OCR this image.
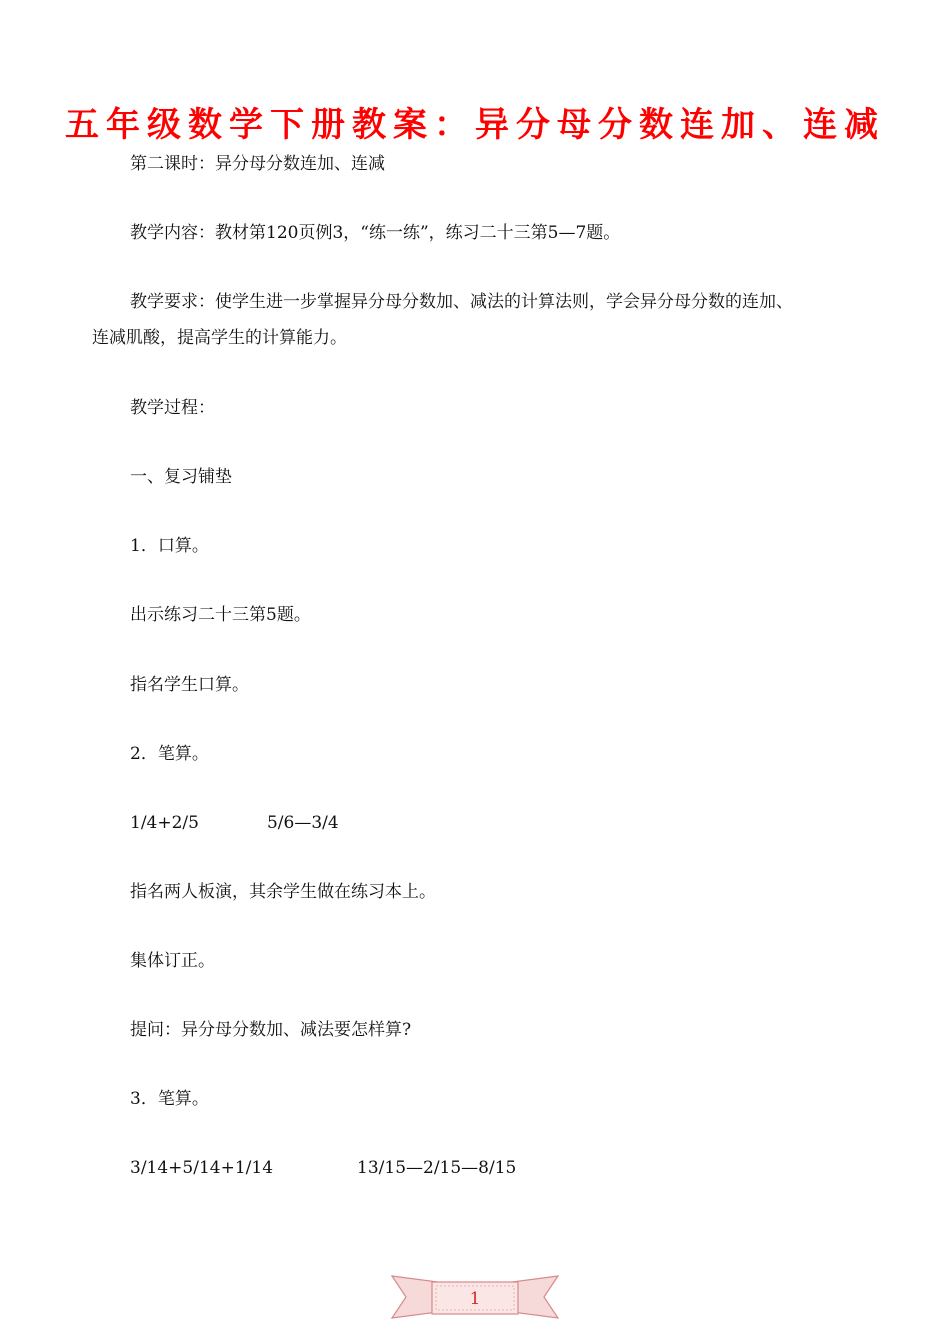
五年级数学下册教案：异分母分数连加、连减
第二课时：异分母分数连加、连减
教学内容：教材第120页例3，“练一练”，练习二十三第5—7题。
教学要求：使学生进一步掌握异分母分数加、减法的计算法则，学会异分母分数的连加、
连减肌酸，提高学生的计算能力。
教学过程：
一、复习铺垫
1．口算。
出示练习二十三第5题。
指名学生口算。
2．笔算。
1/4+2/5	5/6—3/4
指名两人板演，其余学生做在练习本上。
集体订正。
提问：异分母分数加、减法要怎样算?
3．笔算。
3/14+5/14+1/14	13/15—2/15—8/15
1
